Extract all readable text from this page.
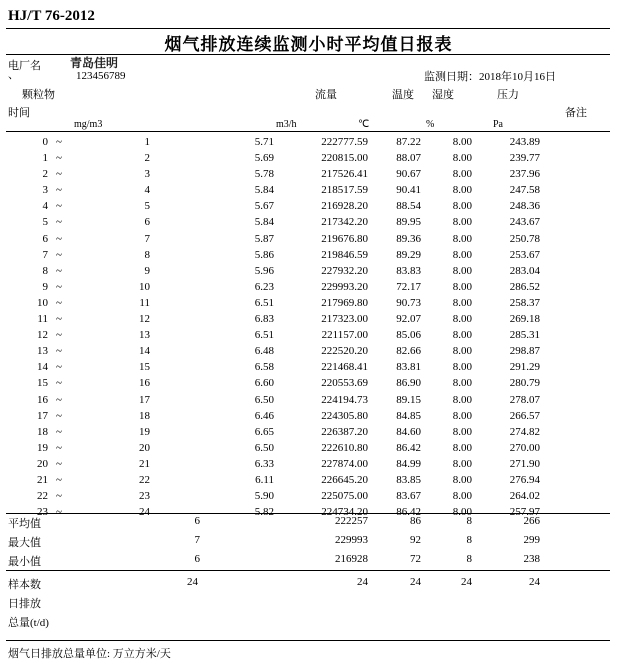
HJ/T 76-2012
烟气排放连续监测小时平均值日报表
电厂名 青岛佳明
、	123456789	监测日期：2018年10月16日
颗粒物	流量	温度 湿度	压力
时间	备注
mg/m3	m3/h	℃	%	Pa
0 ~	1	5.71	222777.59	87.22	8.00	243.89
1 ~	2	5.69	220815.00	88.07	8.00	239.77
2 ~	3	5.78	217526.41	90.67	8.00	237.96
3 ~	4	5.84	218517.59	90.41	8.00	247.58
4 ~	5	5.67	216928.20	88.54	8.00	248.36
5 ~	6	5.84	217342.20	89.95	8.00	243.67
6 ~	7	5.87	219676.80	89.36	8.00	250.78
7 ~	8	5.86	219846.59	89.29	8.00	253.67
8 ~	9	5.96	227932.20	83.83	8.00	283.04
9 ~	10	6.23	229993.20	72.17	8.00	286.52
10 ~	11	6.51	217969.80	90.73	8.00	258.37
11 ~	12	6.83	217323.00	92.07	8.00	269.18
12 ~	13	6.51	221157.00	85.06	8.00	285.31
13 ~	14	6.48	222520.20	82.66	8.00	298.87
14 ~	15	6.58	221468.41	83.81	8.00	291.29
15 ~	16	6.60	220553.69	86.90	8.00	280.79
16 ~	17	6.50	224194.73	89.15	8.00	278.07
17 ~	18	6.46	224305.80	84.85	8.00	266.57
18 ~	19	6.65	226387.20	84.60	8.00	274.82
19 ~	20	6.50	222610.80	86.42	8.00	270.00
20 ~	21	6.33	227874.00	84.99	8.00	271.90
21 ~	22	6.11	226645.20	83.85	8.00	276.94
22 ~	23	5.90	225075.00	83.67	8.00	264.02
23 ~	24	5.82	224734.20	86.42	8.00	257.97
平均值	6	222257	86	8	266
最大值	7	229993	92	8	299
最小值	6	216928	72	8	238
样本数	24	24	24	24	24
日排放
总量(t/d)
烟气日排放总量单位: 万立方米/天
